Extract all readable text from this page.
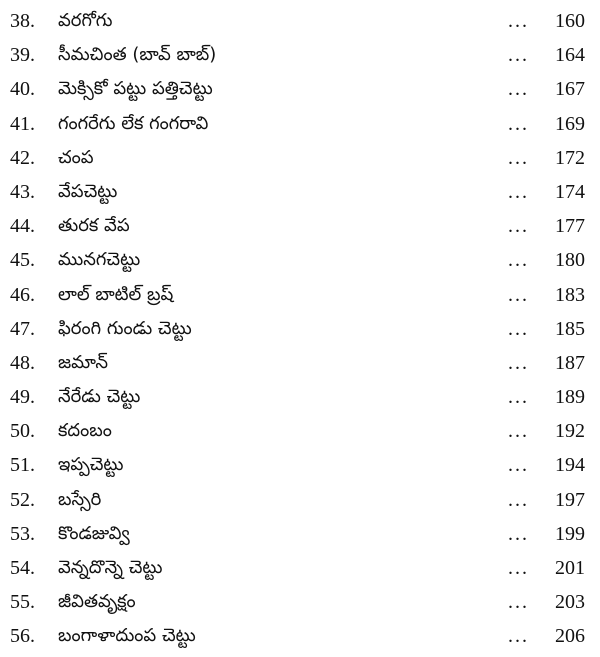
38.	వరగోగు	... 160
39.	సీమచింత (బావ్ బాబ్)	... 164
40.	మెక్సికో పట్టు పత్తిచెట్టు	... 167
41.	గంగరేగు లేక గంగరావి	... 169
42.	చంప	... 172
43.	వేపచెట్టు	... 174
44.	తురక వేప	... 177
45.	మునగచెట్టు	... 180
46.	లాల్ బాటిల్ బ్రష్	... 183
47.	ఫిరంగి గుండు చెట్టు	... 185
48.	జమాన్	... 187
49.	నేరేడు చెట్టు	... 189
50.	కదంబం	... 192
51.	ఇప్పచెట్టు	... 194
52.	బస్సేరి	... 197
53.	కొండజువ్వి	... 199
54.	వెన్నదొన్నె చెట్టు	... 201
55.	జీవితవృక్షం	... 203
56.	బంగాళాదుంప చెట్టు	... 206
